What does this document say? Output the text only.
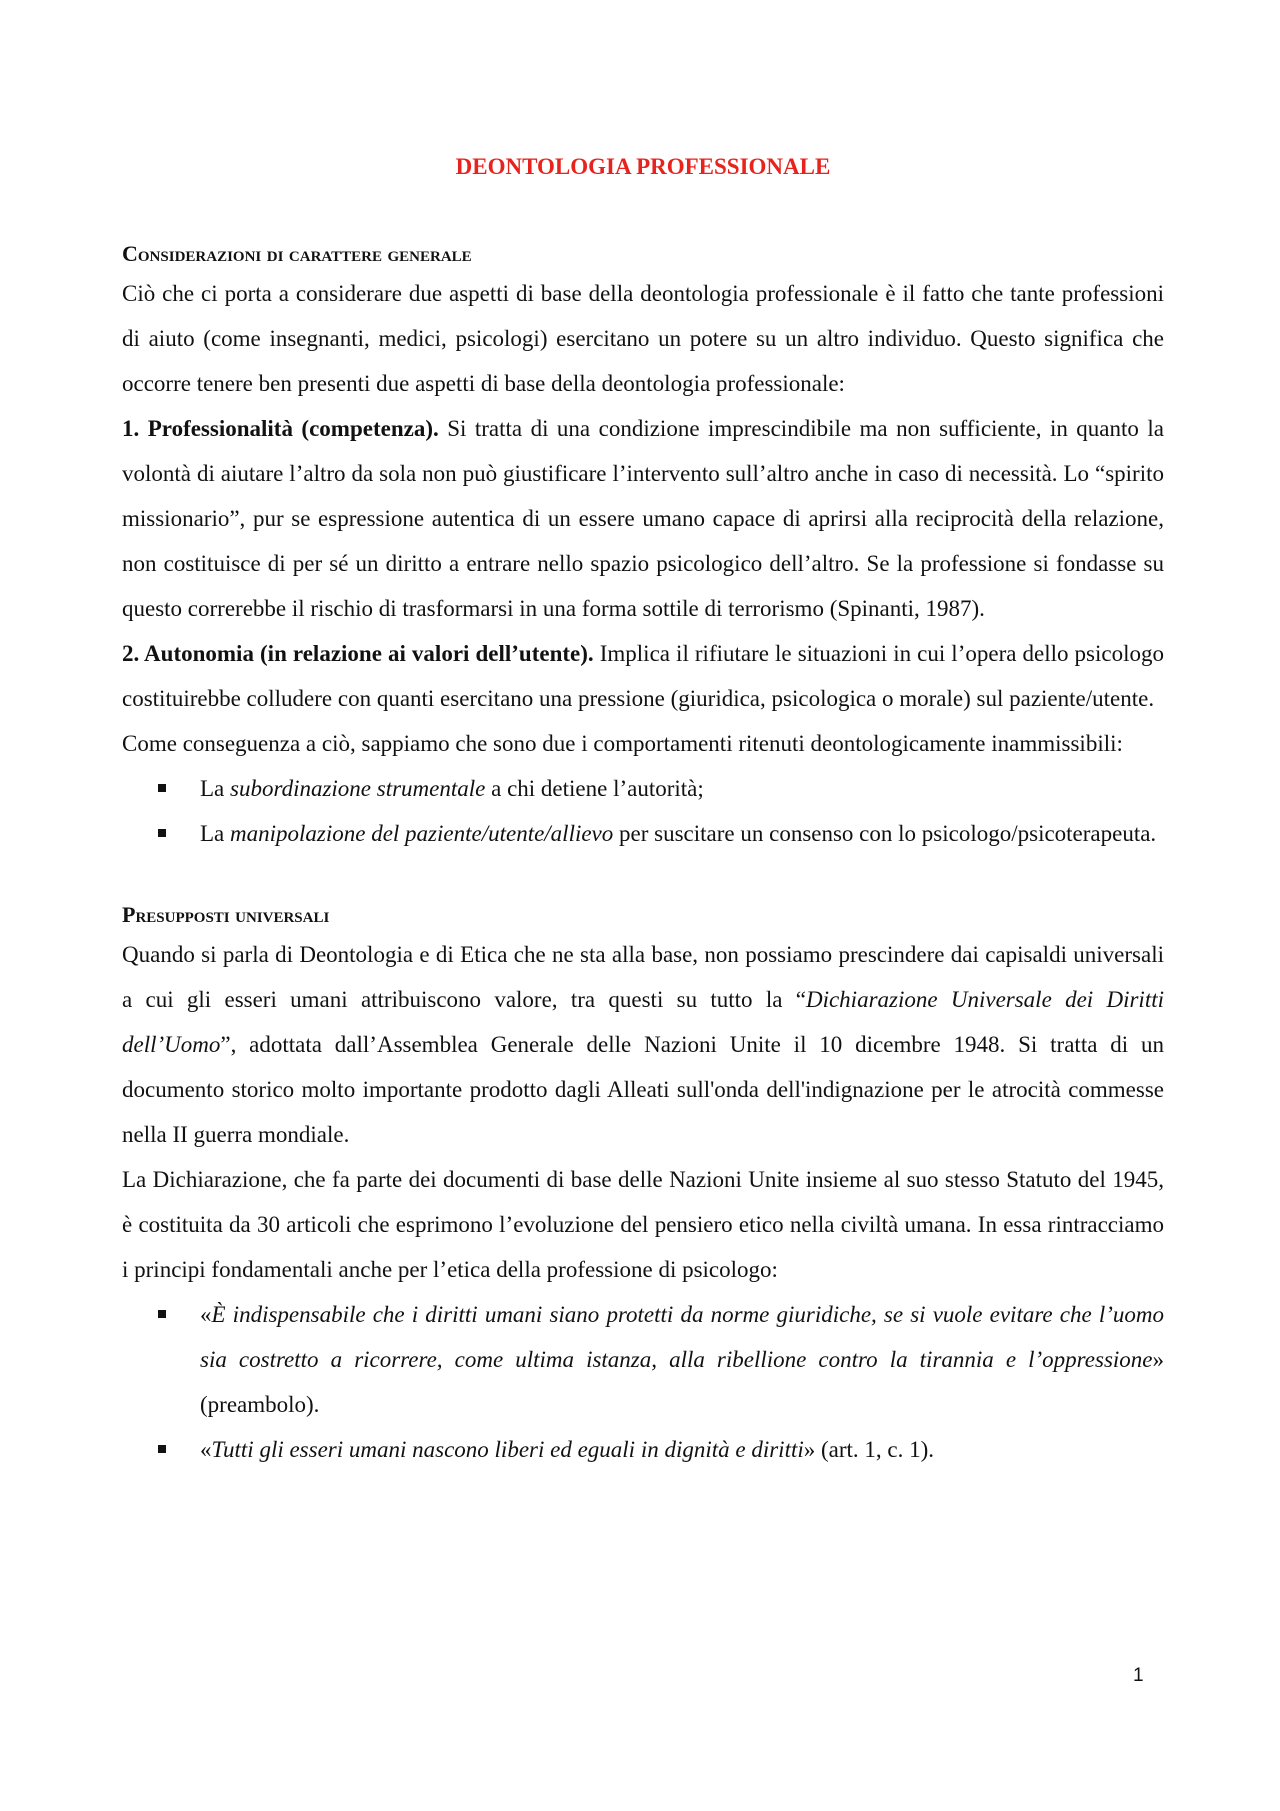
DEONTOLOGIA PROFESSIONALE
Considerazioni di carattere generale

Ciò che ci porta a considerare due aspetti di base della deontologia professionale è il fatto che tante professioni di aiuto (come insegnanti, medici, psicologi) esercitano un potere su un altro individuo. Questo significa che occorre tenere ben presenti due aspetti di base della deontologia professionale:

1. Professionalità (competenza). Si tratta di una condizione imprescindibile ma non sufficiente, in quanto la volontà di aiutare l’altro da sola non può giustificare l’intervento sull’altro anche in caso di necessità. Lo “spirito missionario”, pur se espressione autentica di un essere umano capace di aprirsi alla reciprocità della relazione, non costituisce di per sé un diritto a entrare nello spazio psicologico dell’altro. Se la professione si fondasse su questo correrebbe il rischio di trasformarsi in una forma sottile di terrorismo (Spinanti, 1987).

2. Autonomia (in relazione ai valori dell’utente). Implica il rifiutare le situazioni in cui l’opera dello psicologo costituirebbe colludere con quanti esercitano una pressione (giuridica, psicologica o morale) sul paziente/utente.

Come conseguenza a ciò, sappiamo che sono due i comportamenti ritenuti deontologicamente inammissibili:

La subordinazione strumentale a chi detiene l’autorità;
La manipolazione del paziente/utente/allievo per suscitare un consenso con lo psicologo/psicoterapeuta.
Presupposti universali

Quando si parla di Deontologia e di Etica che ne sta alla base, non possiamo prescindere dai capisaldi universali a cui gli esseri umani attribuiscono valore, tra questi su tutto la “Dichiarazione Universale dei Diritti dell’Uomo”, adottata dall’Assemblea Generale delle Nazioni Unite il 10 dicembre 1948. Si tratta di un documento storico molto importante prodotto dagli Alleati sull'onda dell'indignazione per le atrocità commesse nella II guerra mondiale.

La Dichiarazione, che fa parte dei documenti di base delle Nazioni Unite insieme al suo stesso Statuto del 1945, è costituita da 30 articoli che esprimono l’evoluzione del pensiero etico nella civiltà umana. In essa rintracciamo i principi fondamentali anche per l’etica della professione di psicologo:

«È indispensabile che i diritti umani siano protetti da norme giuridiche, se si vuole evitare che l’uomo sia costretto a ricorrere, come ultima istanza, alla ribellione contro la tirannia e l’oppressione» (preambolo).
«Tutti gli esseri umani nascono liberi ed eguali in dignità e diritti» (art. 1, c. 1).
1
